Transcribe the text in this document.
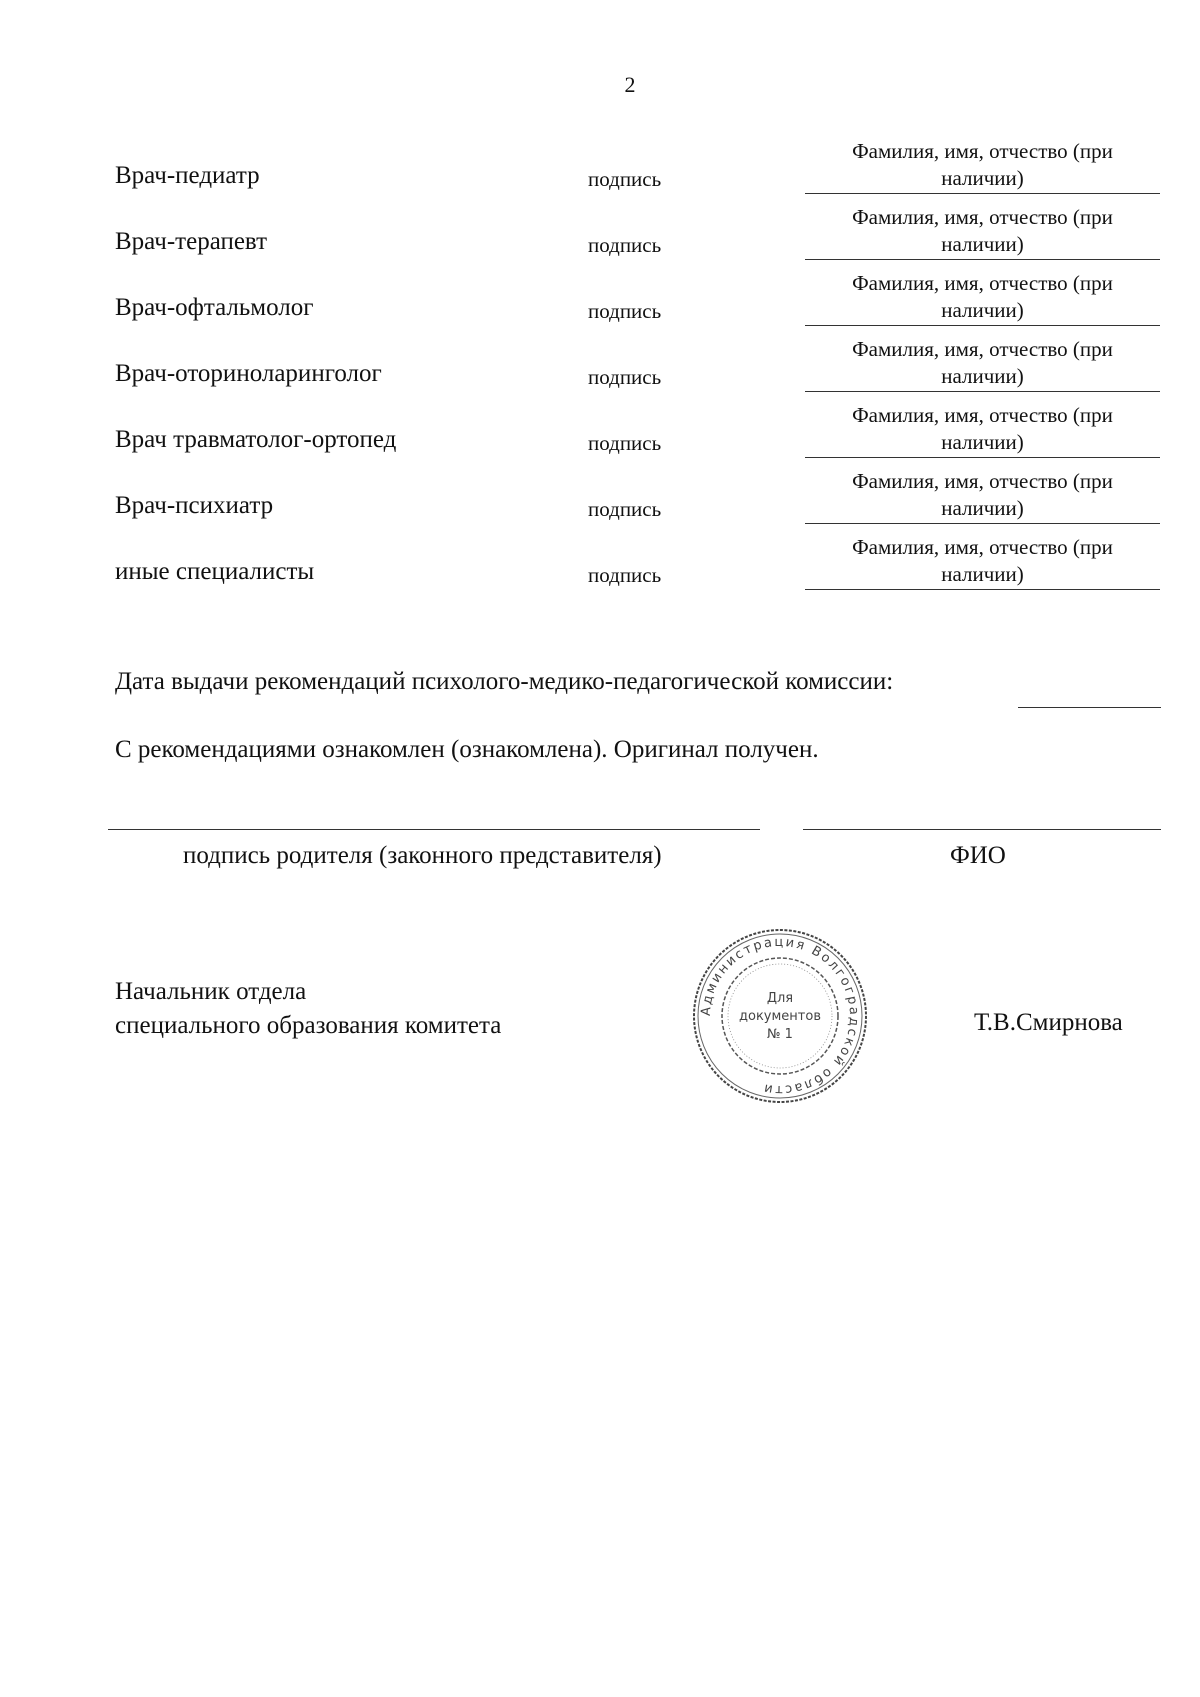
2
Врач-педиатр	подпись
Фамилия, имя, отчество (при
наличии)
Врач-терапевт	подпись
Фамилия, имя, отчество (при
наличии)
Врач-офтальмолог	подпись
Фамилия, имя, отчество (при
наличии)
Врач-оториноларинголог	подпись
Фамилия, имя, отчество (при
наличии)
Врач травматолог-ортопед	подпись
Фамилия, имя, отчество (при
наличии)
Врач-психиатр	подпись
Фамилия, имя, отчество (при
наличии)
иные специалисты	подпись
Фамилия, имя, отчество (при
наличии)
Дата выдачи рекомендаций психолого-медико-педагогической комиссии:
С рекомендациями ознакомлен (ознакомлена). Оригинал получен.
подпись родителя (законного представителя)	ФИО
Начальник отдела
специального образования комитета	Т.В.Смирнова
Администрация Волгоградской области
Для
документов
№ 1
